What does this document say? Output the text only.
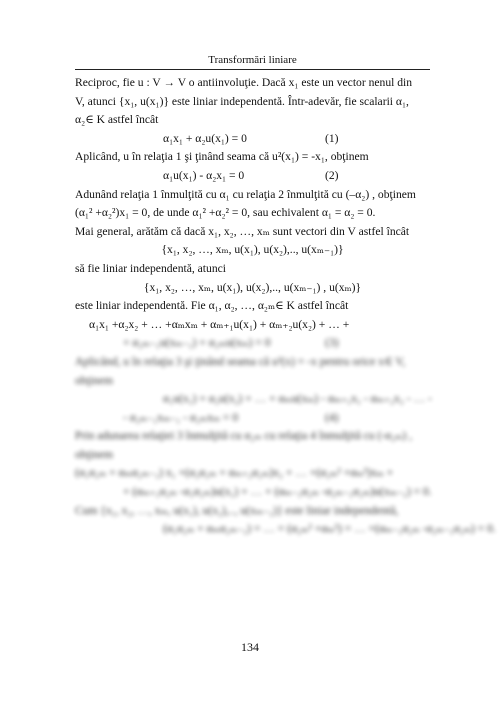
Transformări liniare
Reciproc, fie u : V → V o antiinvoluţie. Dacă x₁ este un vector nenul din
V, atunci {x₁, u(x₁)} este liniar independentă. Într-adevăr, fie scalarii α₁,
α₂∈ K astfel încât
α₁x₁ + α₂u(x₁) = 0	(1)
Aplicând, u în relaţia 1 şi ţinând seama că u²(x₁) = -x₁, obţinem
α₁u(x₁) - α₂x₁ = 0	(2)
Adunând relaţia 1 înmulţită cu α₁ cu relaţia 2 înmulţită cu (–α₂) , obţinem
(α₁² +α₂²)x₁ = 0, de unde α₁² +α₂² = 0, sau echivalent α₁ = α₂ = 0.
Mai general, arătăm că dacă x₁, x₂, …, xₘ sunt vectori din V astfel încât
{x₁, x₂, …, xₘ, u(x₁), u(x₂),.., u(xₘ₋₁)}
să fie liniar independentă, atunci
{x₁, x₂, …, xₘ, u(x₁), u(x₂),.., u(xₘ₋₁) , u(xₘ)}
este liniar independentă. Fie α₁, α₂, …, α₂ₘ∈ K astfel încât
α₁x₁ +α₂x₂ + … +αₘxₘ + αₘ₊₁u(x₁) + αₘ₊₂u(x₂) + … +
+ α₂ₘ₋₁u(xₘ₋₁) + α₂ₘu(xₘ) = 0	(3)
Aplicând, u în relaţia 3 şi ţinând seama că u²(x) = -x pentru orice x∈ V,
obţinem
α₁u(x₁) + α₂u(x₂) + … + αₘu(xₘ) - αₘ₊₁x₁ - αₘ₊₂x₂ - … -
- α₂ₘ₋₁xₘ₋₁ - α₂ₘxₘ = 0	(4)
Prin adunarea relaţiei 3 înmulţită cu α₂ₘ cu relaţia 4 înmulţită cu (-α₂ₘ) ,
obţinem
(α₁α₂ₘ + αₘα₂ₘ₋₁) x₁ +(α₂α₂ₘ + αₘ₊₂α₂ₘ)x₂ + … +(α₂ₘ² +αₘ²)xₘ +
+ (αₘ₊₁α₂ₘ -α₁α₂ₘ)u(x₁) + … + (αₘ₋₁α₂ₘ -α₂ₘ₋₁α₂ₘ)u(xₘ₋₁) = 0.
Cum {x₁, x₂, …, xₘ, u(x₁), u(x₂),.., u(xₘ₋₁)} este liniar independentă,
(α₁α₂ₘ + αₘα₂ₘ₋₁) = … = (α₂ₘ² +αₘ²) = … =(αₘ₋₁α₂ₘ -α₂ₘ₋₁α₂ₘ) = 0.
134
